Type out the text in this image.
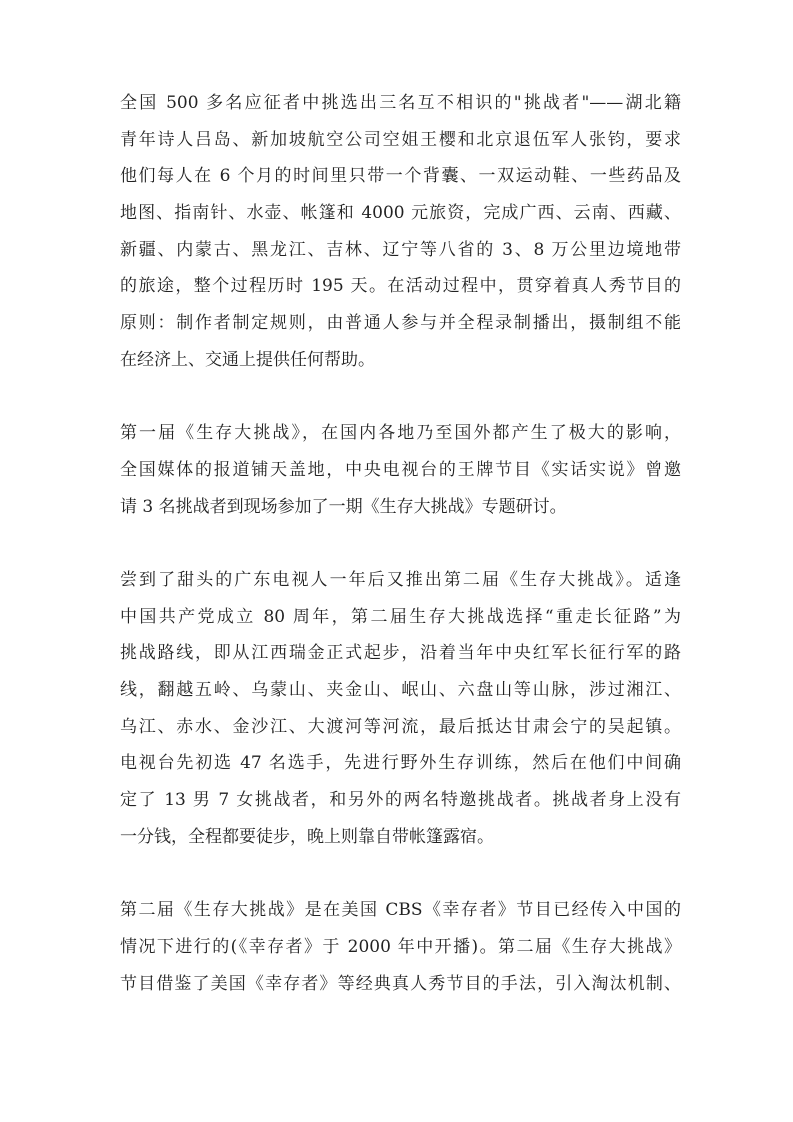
全国 500 多名应征者中挑选出三名互不相识的"挑战者"——湖北籍
青年诗人吕岛、新加坡航空公司空姐王樱和北京退伍军人张钧，要求
他们每人在 6 个月的时间里只带一个背囊、一双运动鞋、一些药品及
地图、指南针、水壶、帐篷和 4000 元旅资，完成广西、云南、西藏、
新疆、内蒙古、黑龙江、吉林、辽宁等八省的 3、8 万公里边境地带
的旅途，整个过程历时 195 天。在活动过程中，贯穿着真人秀节目的
原则：制作者制定规则，由普通人参与并全程录制播出，摄制组不能
在经济上、交通上提供任何帮助。
第一届《生存大挑战》，在国内各地乃至国外都产生了极大的影响，
全国媒体的报道铺天盖地，中央电视台的王牌节目《实话实说》曾邀
请 3 名挑战者到现场参加了一期《生存大挑战》专题研讨。
尝到了甜头的广东电视人一年后又推出第二届《生存大挑战》。适逢
中国共产党成立 80 周年，第二届生存大挑战选择“重走长征路”为
挑战路线，即从江西瑞金正式起步，沿着当年中央红军长征行军的路
线，翻越五岭、乌蒙山、夹金山、岷山、六盘山等山脉，涉过湘江、
乌江、赤水、金沙江、大渡河等河流，最后抵达甘肃会宁的吴起镇。
电视台先初选 47 名选手，先进行野外生存训练，然后在他们中间确
定了 13 男 7 女挑战者，和另外的两名特邀挑战者。挑战者身上没有
一分钱，全程都要徒步，晚上则靠自带帐篷露宿。
第二届《生存大挑战》是在美国 CBS《幸存者》节目已经传入中国的
情况下进行的(《幸存者》于 2000 年中开播)。第二届《生存大挑战》
节目借鉴了美国《幸存者》等经典真人秀节目的手法，引入淘汰机制、
